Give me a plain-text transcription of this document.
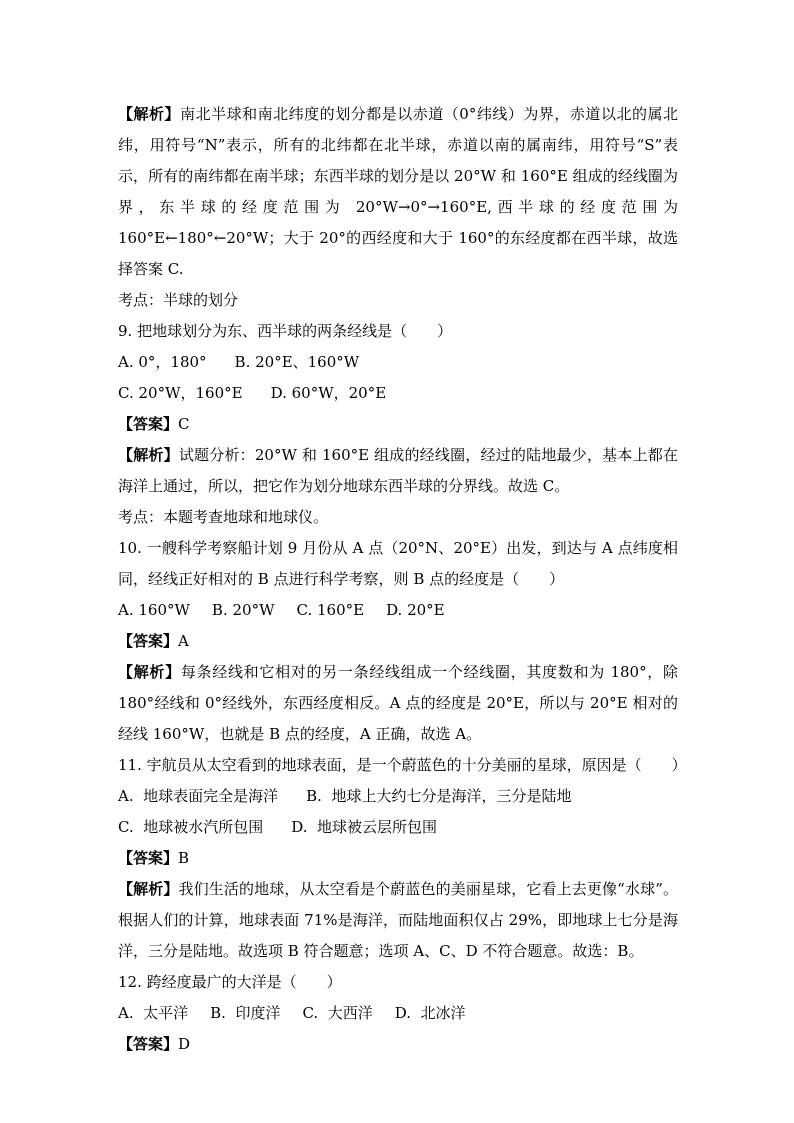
【解析】南北半球和南北纬度的划分都是以赤道（0°纬线）为界，赤道以北的属北纬，用符号“N”表示，所有的北纬都在北半球，赤道以南的属南纬，用符号“S”表示，所有的南纬都在南半球；东西半球的划分是以 20°W 和 160°E 组成的经线圈为界，东半球的经度范围为 20°W→0°→160°E,西半球的经度范围为 160°E←180°←20°W；大于 20°的西经度和大于 160°的东经度都在西半球，故选择答案 C.

考点：半球的划分

9. 把地球划分为东、西半球的两条经线是（　　）

A. 0°，180° B. 20°E、160°W

C. 20°W，160°E D. 60°W，20°E

【答案】C

【解析】试题分析：20°W 和 160°E 组成的经线圈，经过的陆地最少，基本上都在海洋上通过，所以，把它作为划分地球东西半球的分界线。故选 C。

考点：本题考查地球和地球仪。

10. 一艘科学考察船计划 9 月份从 A 点（20°N、20°E）出发，到达与 A 点纬度相同，经线正好相对的 B 点进行科学考察，则 B 点的经度是（　　）

A. 160°W B. 20°W C. 160°E D. 20°E

【答案】A

【解析】每条经线和它相对的另一条经线组成一个经线圈，其度数和为 180°，除 180°经线和 0°经线外，东西经度相反。A 点的经度是 20°E，所以与 20°E 相对的经线 160°W，也就是 B 点的经度，A 正确，故选 A。

11. 宇航员从太空看到的地球表面，是一个蔚蓝色的十分美丽的星球，原因是（　　）

A.  地球表面完全是海洋 B.  地球上大约七分是海洋，三分是陆地

C.  地球被水汽所包围 D.  地球被云层所包围

【答案】B

【解析】我们生活的地球，从太空看是个蔚蓝色的美丽星球，它看上去更像“水球”。根据人们的计算，地球表面 71%是海洋，而陆地面积仅占 29%，即地球上七分是海洋，三分是陆地。故选项 B 符合题意；选项 A、C、D 不符合题意。故选：B。

12. 跨经度最广的大洋是（　　）

A.  太平洋 B.  印度洋 C.  大西洋 D.  北冰洋

【答案】D
